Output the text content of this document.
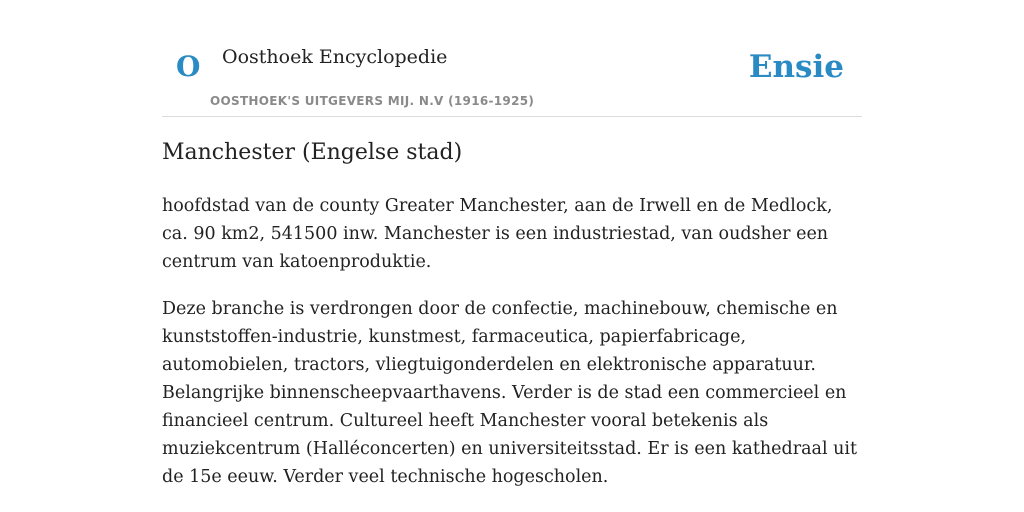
O Oosthoek Encyclopedie
OOSTHOEK'S UITGEVERS MIJ. N.V (1916-1925)
Ensie
Manchester (Engelse stad)

hoofdstad van de county Greater Manchester, aan de Irwell en de Medlock, ca. 90 km2, 541500 inw. Manchester is een industriestad, van oudsher een centrum van katoenproduktie.

Deze branche is verdrongen door de confectie, machinebouw, chemische en kunststoffen-industrie, kunstmest, farmaceutica, papierfabricage, automobielen, tractors, vliegtuigonderdelen en elektronische apparatuur. Belangrijke binnenscheepvaarthavens. Verder is de stad een commercieel en financieel centrum. Cultureel heeft Manchester vooral betekenis als muziekcentrum (Halléconcerten) en universiteitsstad. Er is een kathedraal uit de 15e eeuw. Verder veel technische hogescholen.
